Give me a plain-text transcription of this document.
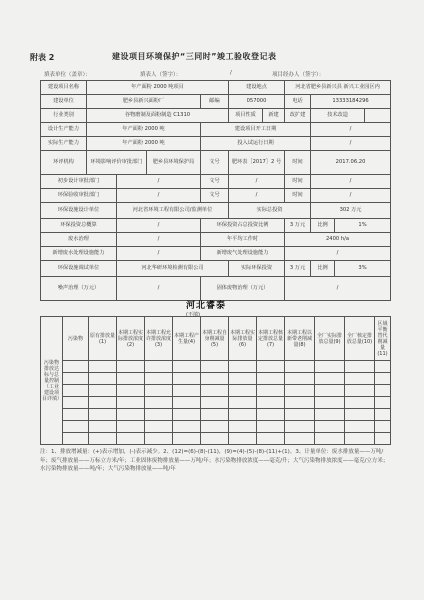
附表 2	建设项目环境保护“三同时”竣工验收登记表
填表单位（盖章）：	填表人（签字）：	/	项目经办人（签字）：
建设项目名称	年产面粉 2000 吨项目				建设地点		河北省肥乡县新兴县 新兴工业园区内			
建设单位	肥乡县新兴面粉厂			邮编	057000		电话	13333184296		
行业类别	谷物磨制及面粉制造 C1310				项目性质	新建	改扩建	技术改造		
设计生产能力	年产面粉 2000 吨			建设项目开工日期				/		
实际生产能力	年产面粉 2000 吨			投入试运行日期				/		
环评机构	环境影响评价审批部门		肥乡县环境保护局	文号	肥环表［2017］2 号		时间	2017.06.20		
初步设计审批部门		/		文号	/		时间	/		
环保验收审批部门		/		文号	/		时间	/		
环保设施设计单位		河北省环境工程有限公司/监测单位			实际总投资			302 万元		
环保投资总概算		/		环保投资占总投资比例			3 万元	比例	1%	
废水治理		/		年平均工作时			2400 h/a			
新增废水处理设施能力		/		新增废气处理设施能力			/			
环保设施调试单位		河北华研环境检测有限公司			实际环保投资		3 万元	比例	3%	
噪声治理（万元）		/		固体废物治理（万元）			/			
河北睿泰
(不填)
污染物排放达标与总量控制（工业建设项目详填）	污染物	原有排放量(1)	本期工程实际排放浓度(2)	本期工程允许排放浓度(3)	本期工程产生量(4)	本期工程自身削减量(5)	本期工程实际排放量(6)	本期工程核定排放总量(7)	本期工程以新带老削减量(8)	全厂实际排放总量(9)	全厂核定排放总量(10)	区域平衡替代削减量(11)

注：1、排放增减量：(+)表示增加，(-)表示减少。2、(12)=(6)-(8)-(11)，(9)=(4)-(5)-(8)-(11)+(1)。3、计量单位：废水排放量——万吨/年；废气排放量——万标立方米/年；工业固体废物排放量——万吨/年；水污染物排放浓度——毫克/升；大气污染物排放浓度——毫克/立方米；
水污染物排放量——吨/年；大气污染物排放量——吨/年
